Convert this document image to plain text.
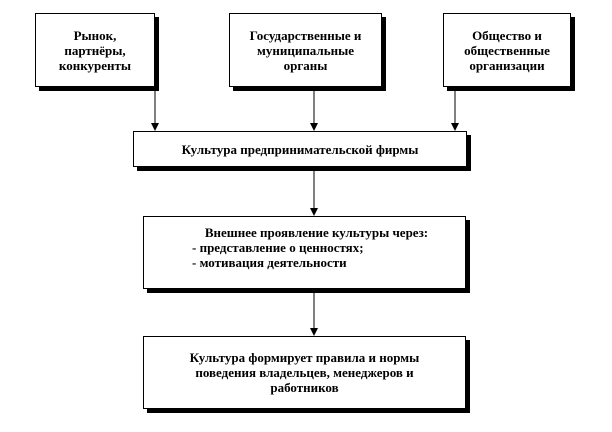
Рынок,
партнёры,
конкуренты
Государственные и
муниципальные
органы
Общество и
общественные
организации
Культура предпринимательской фирмы
Внешнее проявление культуры через:
- представление о ценностях;
- мотивация деятельности
Культура формирует правила и нормы
поведения владельцев, менеджеров и
работников
